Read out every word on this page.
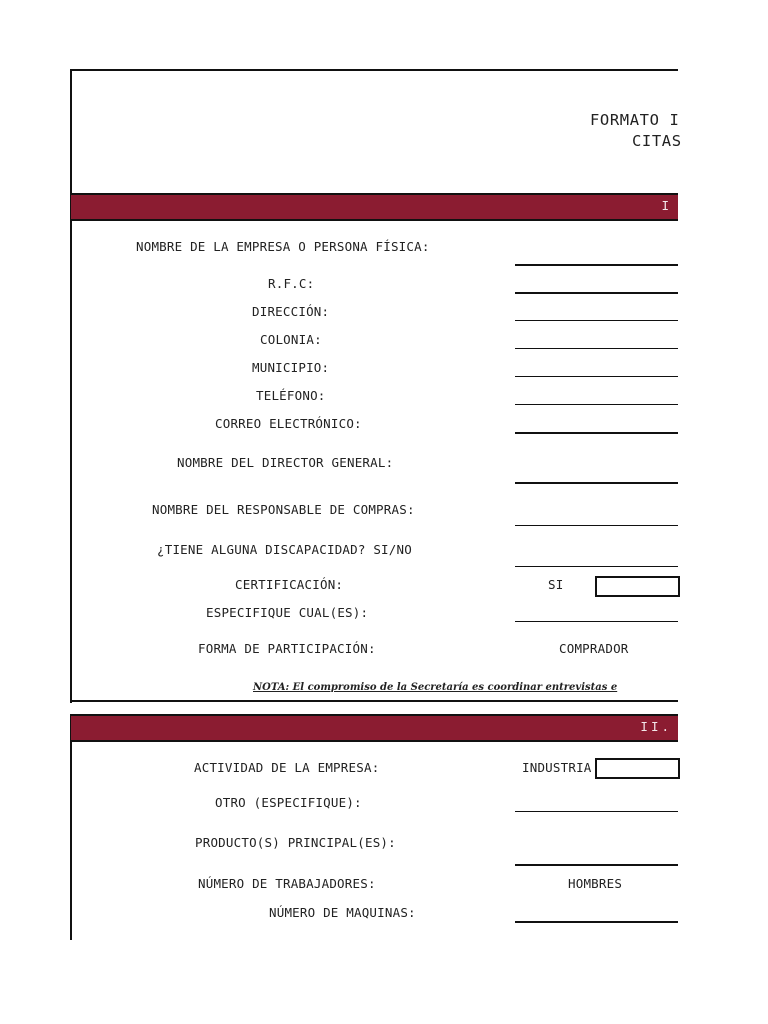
FORMATO I
CITAS
I
NOMBRE DE LA EMPRESA O PERSONA FÍSICA:
R.F.C:
DIRECCIÓN:
COLONIA:
MUNICIPIO:
TELÉFONO:
CORREO ELECTRÓNICO:
NOMBRE DEL DIRECTOR GENERAL:
NOMBRE DEL RESPONSABLE DE COMPRAS:
¿TIENE ALGUNA DISCAPACIDAD? SI/NO
CERTIFICACIÓN:
ESPECIFIQUE CUAL(ES):
FORMA DE PARTICIPACIÓN:
SI
COMPRADOR
NOTA: El compromiso de la Secretaría es coordinar entrevistas e
II.
ACTIVIDAD DE LA EMPRESA:
OTRO (ESPECIFIQUE):
PRODUCTO(S) PRINCIPAL(ES):
NÚMERO DE TRABAJADORES:
NÚMERO DE MAQUINAS:
INDUSTRIA
HOMBRES
